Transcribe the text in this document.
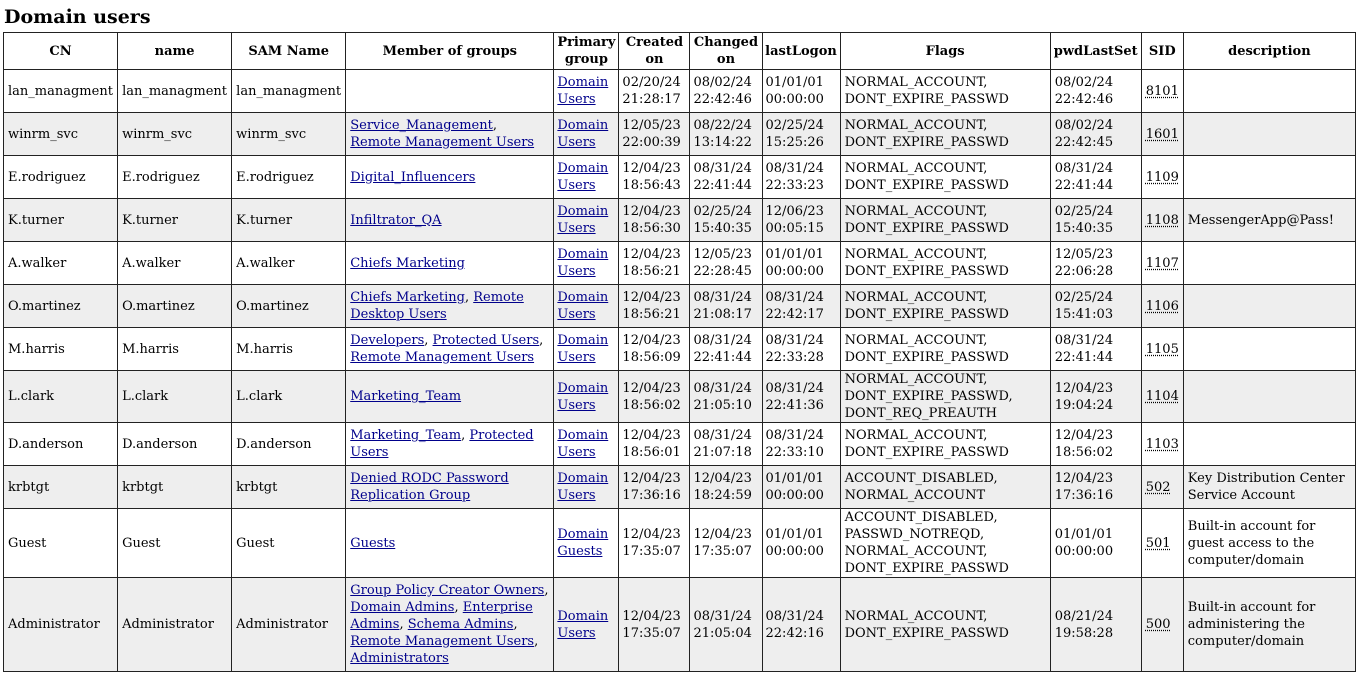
Domain users
CN	name	SAM Name	Member of groups	Primary group	Created on	Changed on	lastLogon	Flags	pwdLastSet	SID	description
lan_managment	lan_managment	lan_managment		Domain Users	02/20/24 21:28:17	08/02/24 22:42:46	01/01/01 00:00:00	NORMAL_ACCOUNT, DONT_EXPIRE_PASSWD	08/02/24 22:42:46	8101	
winrm_svc	winrm_svc	winrm_svc	Service_Management, Remote Management Users	Domain Users	12/05/23 22:00:39	08/22/24 13:14:22	02/25/24 15:25:26	NORMAL_ACCOUNT, DONT_EXPIRE_PASSWD	08/02/24 22:42:45	1601	
E.rodriguez	E.rodriguez	E.rodriguez	Digital_Influencers	Domain Users	12/04/23 18:56:43	08/31/24 22:41:44	08/31/24 22:33:23	NORMAL_ACCOUNT, DONT_EXPIRE_PASSWD	08/31/24 22:41:44	1109	
K.turner	K.turner	K.turner	Infiltrator_QA	Domain Users	12/04/23 18:56:30	02/25/24 15:40:35	12/06/23 00:05:15	NORMAL_ACCOUNT, DONT_EXPIRE_PASSWD	02/25/24 15:40:35	1108	MessengerApp@Pass!
A.walker	A.walker	A.walker	Chiefs Marketing	Domain Users	12/04/23 18:56:21	12/05/23 22:28:45	01/01/01 00:00:00	NORMAL_ACCOUNT, DONT_EXPIRE_PASSWD	12/05/23 22:06:28	1107	
O.martinez	O.martinez	O.martinez	Chiefs Marketing, Remote Desktop Users	Domain Users	12/04/23 18:56:21	08/31/24 21:08:17	08/31/24 22:42:17	NORMAL_ACCOUNT, DONT_EXPIRE_PASSWD	02/25/24 15:41:03	1106	
M.harris	M.harris	M.harris	Developers, Protected Users, Remote Management Users	Domain Users	12/04/23 18:56:09	08/31/24 22:41:44	08/31/24 22:33:28	NORMAL_ACCOUNT, DONT_EXPIRE_PASSWD	08/31/24 22:41:44	1105	
L.clark	L.clark	L.clark	Marketing_Team	Domain Users	12/04/23 18:56:02	08/31/24 21:05:10	08/31/24 22:41:36	NORMAL_ACCOUNT, DONT_EXPIRE_PASSWD, DONT_REQ_PREAUTH	12/04/23 19:04:24	1104	
D.anderson	D.anderson	D.anderson	Marketing_Team, Protected Users	Domain Users	12/04/23 18:56:01	08/31/24 21:07:18	08/31/24 22:33:10	NORMAL_ACCOUNT, DONT_EXPIRE_PASSWD	12/04/23 18:56:02	1103	
krbtgt	krbtgt	krbtgt	Denied RODC Password Replication Group	Domain Users	12/04/23 17:36:16	12/04/23 18:24:59	01/01/01 00:00:00	ACCOUNT_DISABLED, NORMAL_ACCOUNT	12/04/23 17:36:16	502	Key Distribution Center Service Account
Guest	Guest	Guest	Guests	Domain Guests	12/04/23 17:35:07	12/04/23 17:35:07	01/01/01 00:00:00	ACCOUNT_DISABLED, PASSWD_NOTREQD, NORMAL_ACCOUNT, DONT_EXPIRE_PASSWD	01/01/01 00:00:00	501	Built-in account for guest access to the computer/domain
Administrator	Administrator	Administrator	Group Policy Creator Owners, Domain Admins, Enterprise Admins, Schema Admins, Remote Management Users, Administrators	Domain Users	12/04/23 17:35:07	08/31/24 21:05:04	08/31/24 22:42:16	NORMAL_ACCOUNT, DONT_EXPIRE_PASSWD	08/21/24 19:58:28	500	Built-in account for administering the computer/domain
